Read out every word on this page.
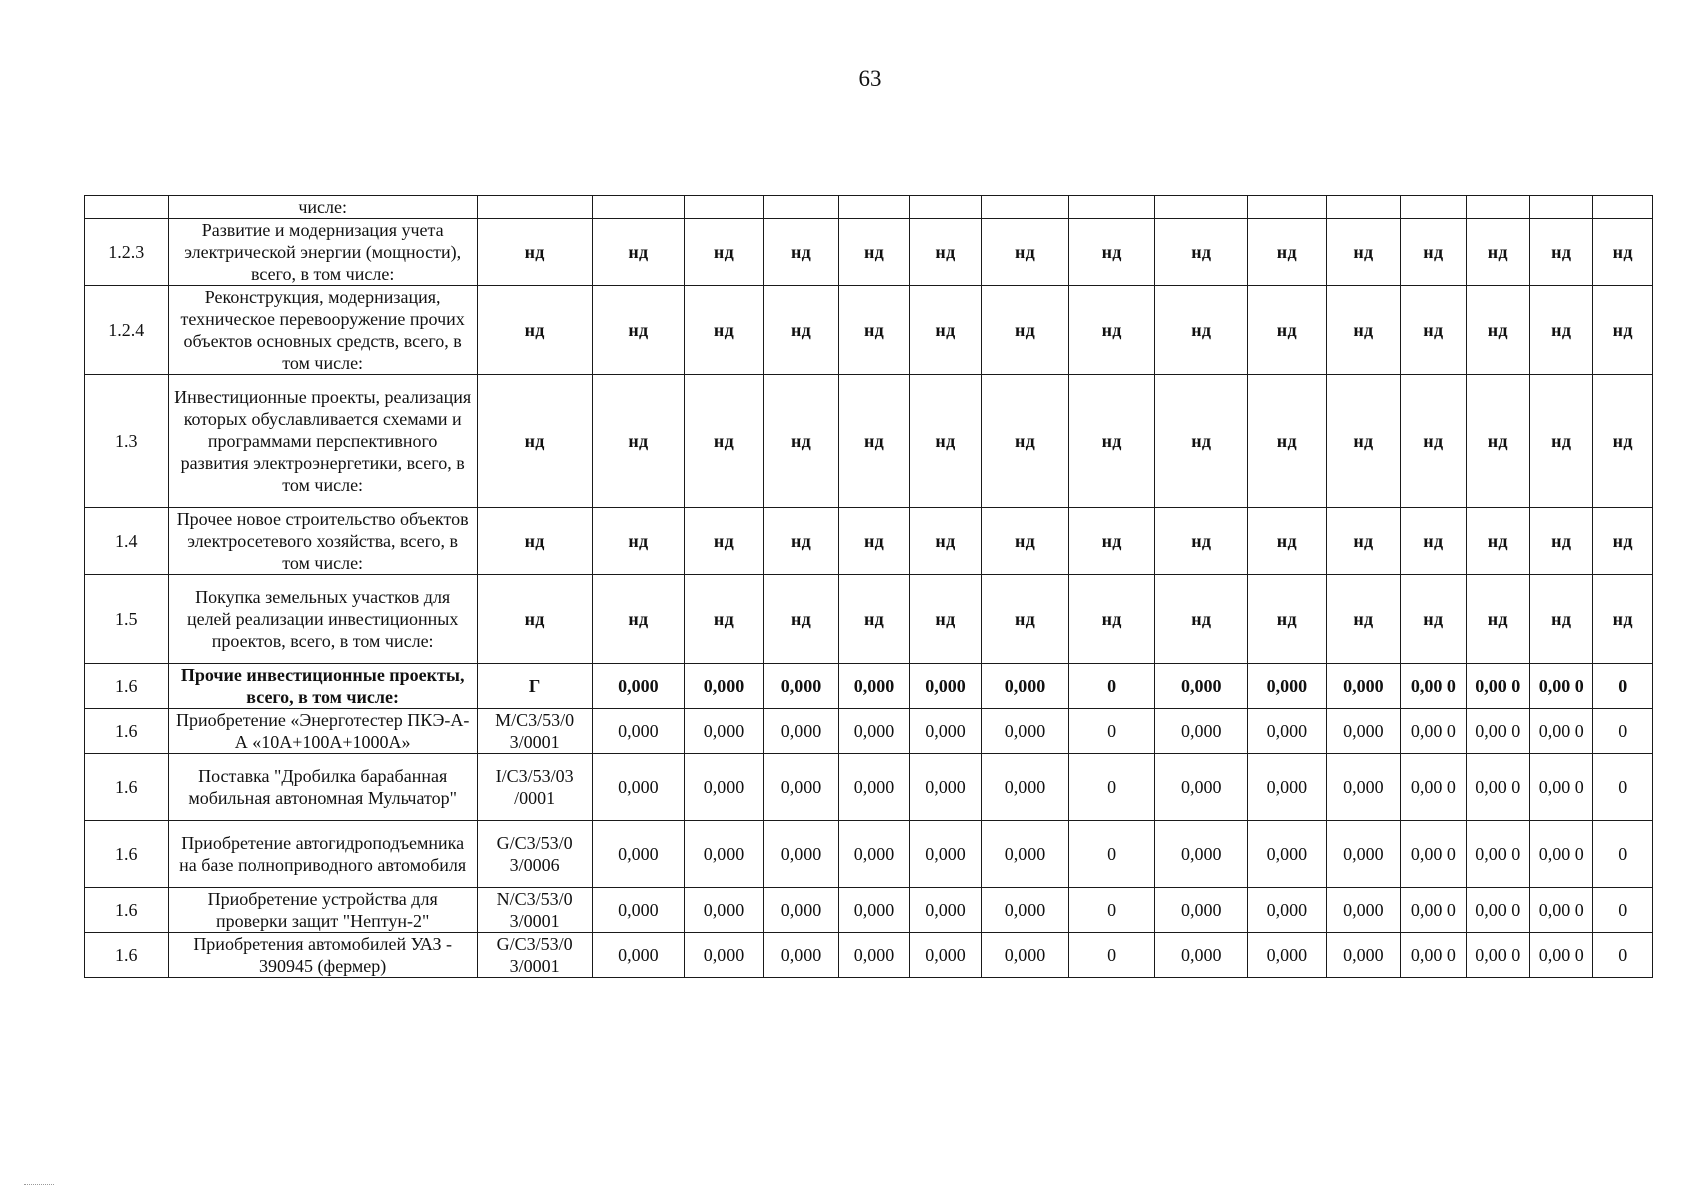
63
	числе:															
1.2.3	Развитие и модернизация учета электрической энергии (мощности), всего, в том числе:	нд	нд	нд	нд	нд	нд	нд	нд	нд	нд	нд	нд	нд	нд	нд
1.2.4	Реконструкция, модернизация, техническое перевооружение прочих объектов основных средств, всего, в том числе:	нд	нд	нд	нд	нд	нд	нд	нд	нд	нд	нд	нд	нд	нд	нд
1.3	Инвестиционные проекты, реализация которых обуславливается схемами и программами перспективного развития электроэнергетики, всего, в том числе:	нд	нд	нд	нд	нд	нд	нд	нд	нд	нд	нд	нд	нд	нд	нд
1.4	Прочее новое строительство объектов электросетевого хозяйства, всего, в том числе:	нд	нд	нд	нд	нд	нд	нд	нд	нд	нд	нд	нд	нд	нд	нд
1.5	Покупка земельных участков для целей реализации инвестиционных проектов, всего, в том числе:	нд	нд	нд	нд	нд	нд	нд	нд	нд	нд	нд	нд	нд	нд	нд
1.6	Прочие инвестиционные проекты, всего, в том числе:	Г	0,000	0,000	0,000	0,000	0,000	0,000	0	0,000	0,000	0,000	0,00 0	0,00 0	0,00 0	0
1.6	Приобретение «Энерготестер ПКЭ-А-А «10А+100А+1000А»	M/C3/53/0 3/0001	0,000	0,000	0,000	0,000	0,000	0,000	0	0,000	0,000	0,000	0,00 0	0,00 0	0,00 0	0
1.6	Поставка "Дробилка барабанная мобильная автономная Мульчатор"	I/C3/53/03 /0001	0,000	0,000	0,000	0,000	0,000	0,000	0	0,000	0,000	0,000	0,00 0	0,00 0	0,00 0	0
1.6	Приобретение автогидроподъемника на базе полноприводного автомобиля	G/C3/53/0 3/0006	0,000	0,000	0,000	0,000	0,000	0,000	0	0,000	0,000	0,000	0,00 0	0,00 0	0,00 0	0
1.6	Приобретение устройства для проверки защит "Нептун-2"	N/C3/53/0 3/0001	0,000	0,000	0,000	0,000	0,000	0,000	0	0,000	0,000	0,000	0,00 0	0,00 0	0,00 0	0
1.6	Приобретения автомобилей УАЗ - 390945 (фермер)	G/C3/53/0 3/0001	0,000	0,000	0,000	0,000	0,000	0,000	0	0,000	0,000	0,000	0,00 0	0,00 0	0,00 0	0
